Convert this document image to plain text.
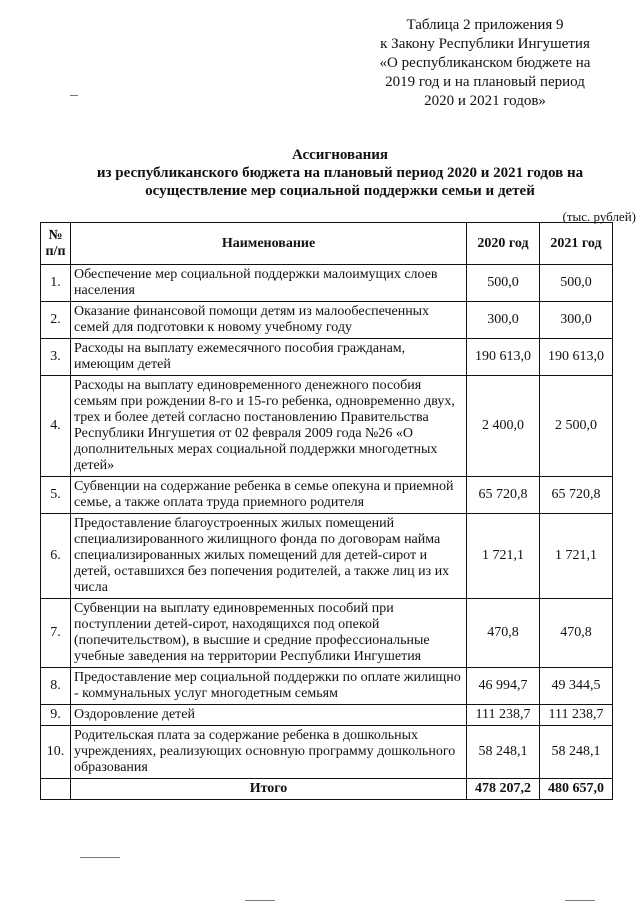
Таблица 2 приложения 9
к Закону Республики Ингушетия
«О республиканском бюджете на
2019 год и на плановый период
2020 и 2021 годов»
Ассигнования
из республиканского бюджета на плановый период 2020 и 2021 годов на
осуществление мер социальной поддержки семьи и детей
(тыс. рублей)
№ п/п	Наименование	2020 год	2021 год
1.	Обеспечение мер социальной поддержки малоимущих слоев населения	500,0	500,0
2.	Оказание финансовой помощи детям из малообеспеченных семей для подготовки к новому учебному году	300,0	300,0
3.	Расходы на выплату ежемесячного пособия гражданам, имеющим детей	190 613,0	190 613,0
4.	Расходы на выплату единовременного денежного пособия семьям при рождении 8-го и 15-го ребенка, одновременно двух, трех и более детей согласно постановлению Правительства Республики Ингушетия от 02 февраля 2009 года №26 «О дополнительных мерах социальной поддержки многодетных детей»	2 400,0	2 500,0
5.	Субвенции на содержание ребенка в семье опекуна и приемной семье, а также оплата труда приемного родителя	65 720,8	65 720,8
6.	Предоставление благоустроенных жилых помещений специализированного жилищного фонда по договорам найма специализированных жилых помещений для детей-сирот и детей, оставшихся без попечения родителей, а также лиц из их числа	1 721,1	1 721,1
7.	Субвенции на выплату единовременных пособий при поступлении детей-сирот, находящихся под опекой (попечительством), в высшие и средние профессиональные учебные заведения на территории Республики Ингушетия	470,8	470,8
8.	Предоставление мер социальной поддержки по оплате жилищно - коммунальных услуг многодетным семьям	46 994,7	49 344,5
9.	Оздоровление детей	111 238,7	111 238,7
10.	Родительская плата за содержание ребенка в дошкольных учреждениях, реализующих основную программу дошкольного образования	58 248,1	58 248,1
	Итого	478 207,2	480 657,0
